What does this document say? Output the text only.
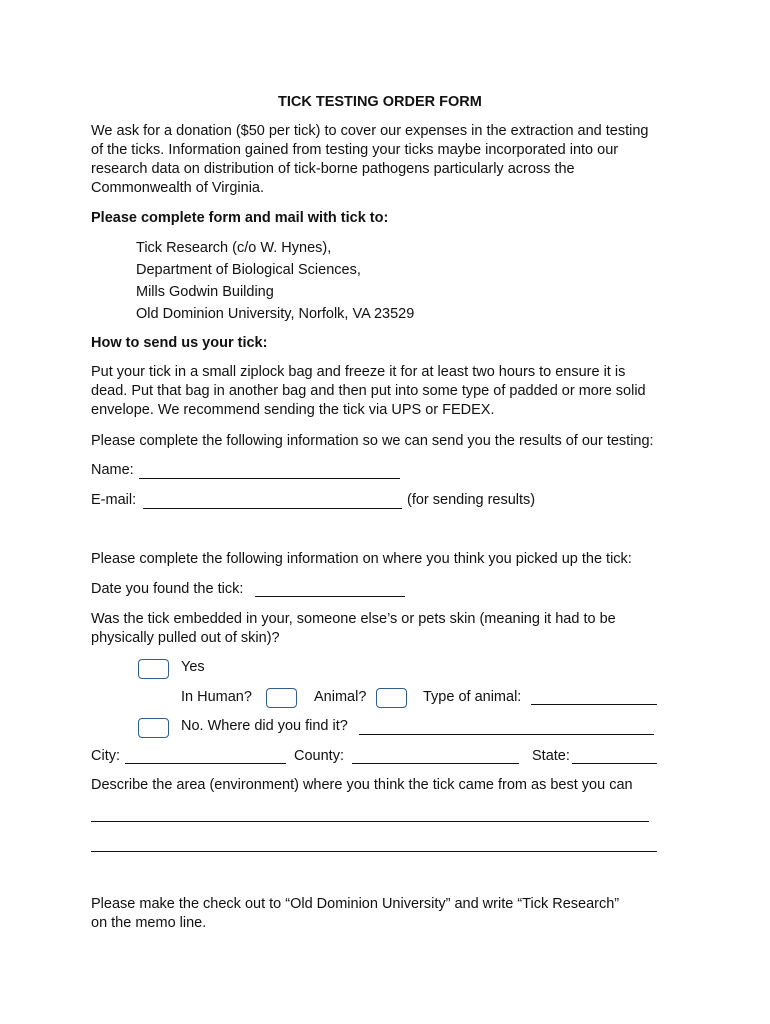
TICK TESTING ORDER FORM
We ask for a donation ($50 per tick) to cover our expenses in the extraction and testing
of the ticks. Information gained from testing your ticks maybe incorporated into our
research data on distribution of tick-borne pathogens particularly across the
Commonwealth of Virginia.
Please complete form and mail with tick to:
Tick Research (c/o W. Hynes),
Department of Biological Sciences,
Mills Godwin Building
Old Dominion University, Norfolk, VA 23529
How to send us your tick:
Put your tick in a small ziplock bag and freeze it for at least two hours to ensure it is
dead. Put that bag in another bag and then put into some type of padded or more solid
envelope. We recommend sending the tick via UPS or FEDEX.
Please complete the following information so we can send you the results of our testing:
Name:
E-mail:	(for sending results)
Please complete the following information on where you think you picked up the tick:
Date you found the tick:
Was the tick embedded in your, someone else’s or pets skin (meaning it had to be
physically pulled out of skin)?
Yes
In Human?	Animal?	Type of animal:
No. Where did you find it?
City:	County:	State:
Describe the area (environment) where you think the tick came from as best you can
Please make the check out to “Old Dominion University” and write “Tick Research”
on the memo line.
